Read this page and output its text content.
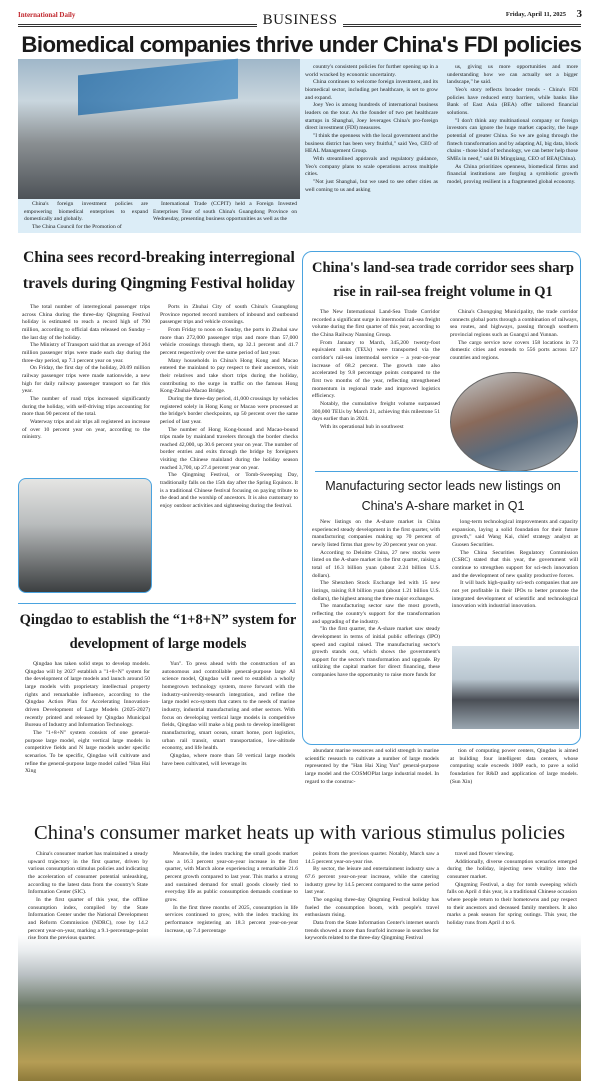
International Daily	BUSINESS	Friday, April 11, 2025 3
Biomedical companies thrive under China's FDI policies

China's foreign investment policies are empowering biomedical enterprises to expand domestically and globally.

The China Council for the Promotion of

International Trade (CCPIT) held a Foreign Invested Enterprises Tour of south China's Guangdong Province on Wednesday, presenting business opportunities as well as the

country's consistent policies for further opening up in a world wracked by economic uncertainty.

China continues to welcome foreign investment, and its biomedical sector, including pet healthcare, is set to grow and expand.

Joey Yeo is among hundreds of international business leaders on the tour. As the founder of two pet healthcare startups in Shanghai, Joey leverages China's pro-foreign direct investment (FDI) measures.

"I think the openness with the local government and the business district has been very fruitful," said Yeo, CEO of HEAL Management Group.

With streamlined approvals and regulatory guidance, Yeo's company plans to scale operations across multiple cities.

"Not just Shanghai, but we used to see other cities as well coming to us and asking

us, giving us more opportunities and more understanding how we can actually set a bigger landscape," he said.

Yeo's story reflects broader trends - China's FDI policies have reduced entry barriers, while banks like Bank of East Asia (BEA) offer tailored financial solutions.

"I don't think any multinational company or foreign investors can ignore the huge market capacity, the huge potential of greater China. So we are going through the fintech transformation and by adapting AI, big data, block chains - those kind of technology, we can better help those SMEs in need," said Bi Mingqiang, CEO of BEA(China).

As China prioritizes openness, biomedical firms and financial institutions are forging a symbiotic growth model, proving resilient in a fragmented global economy.

China sees record-breaking interregional travels during Qingming Festival holiday

The total number of interregional passenger trips across China during the three-day Qingming Festival holiday is estimated to reach a record high of 790 million, according to official data released on Sunday – the last day of the holiday.

The Ministry of Transport said that an average of 264 million passenger trips were made each day during the three-day period, up 7.1 percent year on year.

On Friday, the first day of the holiday, 20.09 million railway passenger trips were made nationwide, a new high for daily railway passenger transport so far this year.

The number of road trips increased significantly during the holiday, with self-driving trips accounting for more than 90 percent of the total.

Waterway trips and air trips all registered an increase of over 10 percent year on year, according to the ministry.

Ports in Zhuhai City of south China's Guangdong Province reported record numbers of inbound and outbound passenger trips and vehicle crossings.

From Friday to noon on Sunday, the ports in Zhuhai saw more than 272,000 passenger trips and more than 57,000 vehicle crossings through them, up 32.1 percent and 41.7 percent respectively over the same period of last year.

Many households in China's Hong Kong and Macao entered the mainland to pay respect to their ancestors, visit their relatives and take short trips during the holiday, contributing to the surge in traffic on the famous Hong Kong-Zhuhai-Macao Bridge.

During the three-day period, 41,000 crossings by vehicles registered solely in Hong Kong or Macao were processed at the bridge's border checkpoints, up 50 percent over the same period of last year.

The number of Hong Kong-bound and Macao-bound trips made by mainland travelers through the border checks reached 42,000, up 30.6 percent year on year. The number of border entries and exits through the bridge by foreigners visiting the Chinese mainland during the holiday season reached 3,700, up 27.4 percent year on year.

The Qingming Festival, or Tomb-Sweeping Day, traditionally falls on the 15th day after the Spring Equinox. It is a traditional Chinese festival focusing on paying tribute to the dead and the worship of ancestors. It is also customary to enjoy outdoor activities and sightseeing during the festival.

Qingdao to establish the “1+8+N” system for development of large models

Qingdao has taken solid steps to develop models. Qingdao will by 2027 establish a "1+8+N" system for the development of large models and launch around 50 large models with proprietary intellectual property rights and remarkable influence, according to the Qingdao Action Plan for Accelerating Innovation-driven Development of Large Models (2025-2027) recently printed and released by Qingdao Municipal Bureau of Industry and Information Technology.

The "1+8+N" system consists of one general-purpose large model, eight vertical large models in competitive fields and N large models under specific scenarios. To be specific, Qingdao will cultivate and refine the general-purpose large model called "Han Hai Xing

Yun". To press ahead with the construction of an autonomous and controllable general-purpose large AI science model, Qingdao will need to establish a wholly homegrown technology system, move forward with the industry-university-research integration, and refine the large model eco-system that caters to the needs of marine industry, industrial manufacturing and other sectors. With focus on developing vertical large models in competitive fields, Qingdao will make a big push to develop intelligent manufacturing, smart ocean, smart home, port logistics, urban rail transit, smart transportation, low-altitude economy, and life health.

Qingdao, where more than 50 vertical large models have been cultivated, will leverage its

abundant marine resources and solid strength in marine scientific research to cultivate a number of large models represented by the "Han Hai Xing Yun" general-purpose large model and the COSMOPlat large industrial model. In regard to the construc-

tion of computing power centers, Qingdao is aimed at building four intelligent data centers, whose computing scale exceeds 100P each, to pave a solid foundation for R&D and application of large models. (Sun Xin)

China's land-sea trade corridor sees sharp rise in rail-sea freight volume in Q1

The New International Land-Sea Trade Corridor recorded a significant surge in intermodal rail-sea freight volume during the first quarter of this year, according to the China Railway Nanning Group.

From January to March, 345,200 twenty-foot equivalent units (TEUs) were transported via the corridor's rail-sea intermodal service – a year-on-year increase of 68.2 percent. The growth rate also accelerated by 9.8 percentage points compared to the first two months of the year, reflecting strengthened momentum in regional trade and improved logistics efficiency.

Notably, the cumulative freight volume surpassed 300,000 TEUs by March 21, achieving this milestone 51 days earlier than in 2024.

With its operational hub in southwest

China's Chongqing Municipality, the trade corridor connects global ports through a combination of railways, sea routes, and highways, passing through southern provincial regions such as Guangxi and Yunnan.

The cargo service now covers 158 locations in 73 domestic cities and extends to 556 ports across 127 countries and regions.

Manufacturing sector leads new listings on China's A-share market in Q1

New listings on the A-share market in China experienced steady development in the first quarter, with manufacturing companies making up 70 percent of newly listed firms that grew by 20 percent year on year.

According to Deloitte China, 27 new stocks were listed on the A-share market in the first quarter, raising a total of 16.3 billion yuan (about 2.24 billion U.S. dollars).

The Shenzhen Stock Exchange led with 15 new listings, raising 8.8 billion yuan (about 1.21 billion U.S. dollars), the highest among the three major exchanges.

The manufacturing sector saw the most growth, reflecting the country's support for the transformation and upgrading of the industry.

"In the first quarter, the A-share market saw steady development in terms of initial public offerings (IPO) speed and capital raised. The manufacturing sector's growth stands out, which shows the government's support for the sector's transformation and upgrade. By utilizing the capital market for direct financing, these companies have the opportunity to raise more funds for

long-term technological improvements and capacity expansion, laying a solid foundation for their future growth," said Wang Kai, chief strategy analyst at Guosen Securities.

The China Securities Regulatory Commission (CSRC) stated that this year, the government will continue to strengthen support for sci-tech innovation and the development of new quality productive forces.

It will back high-quality sci-tech companies that are not yet profitable in their IPOs to better promote the integrated development of scientific and technological innovation with industrial innovation.

China's consumer market heats up with various stimulus policies

China's consumer market has maintained a steady upward trajectory in the first quarter, driven by various consumption stimulus policies and indicating the acceleration of consumer potential unleashing, according to the latest data from the country's State Information Center (SIC).

In the first quarter of this year, the offline consumption index, compiled by the State Information Center under the National Development and Reform Commission (NDRC), rose by 14.2 percent year-on-year, marking a 9.1-percentage-point rise from the previous quarter.

Meanwhile, the index tracking the small goods market saw a 16.3 percent year-on-year increase in the first quarter, with March alone experiencing a remarkable 21.6 percent growth compared to last year. This marks a strong and sustained demand for small goods closely tied to everyday life as public consumption demands continue to grow.

In the first three months of 2025, consumption in life services continued to grow, with the index tracking its performance registering an 18.3 percent year-on-year increase, up 7.4 percentage

points from the previous quarter. Notably, March saw a 14.5 percent year-on-year rise.

By sector, the leisure and entertainment industry saw a 67.6 percent year-on-year increase, while the catering industry grew by 14.5 percent compared to the same period last year.

The ongoing three-day Qingming Festival holiday has fueled the consumption boom, with people's travel enthusiasm rising.

Data from the State Information Center's internet search trends showed a more than fourfold increase in searches for keywords related to the three-day Qingming Festival

travel and flower viewing.

Additionally, diverse consumption scenarios emerged during the holiday, injecting new vitality into the consumer market.

Qingming Festival, a day for tomb sweeping which falls on April 4 this year, is a traditional Chinese occasion where people return to their hometowns and pay respect to their ancestors and deceased family members. It also marks a peak season for spring outings. This year, the holiday runs from April 4 to 6.
